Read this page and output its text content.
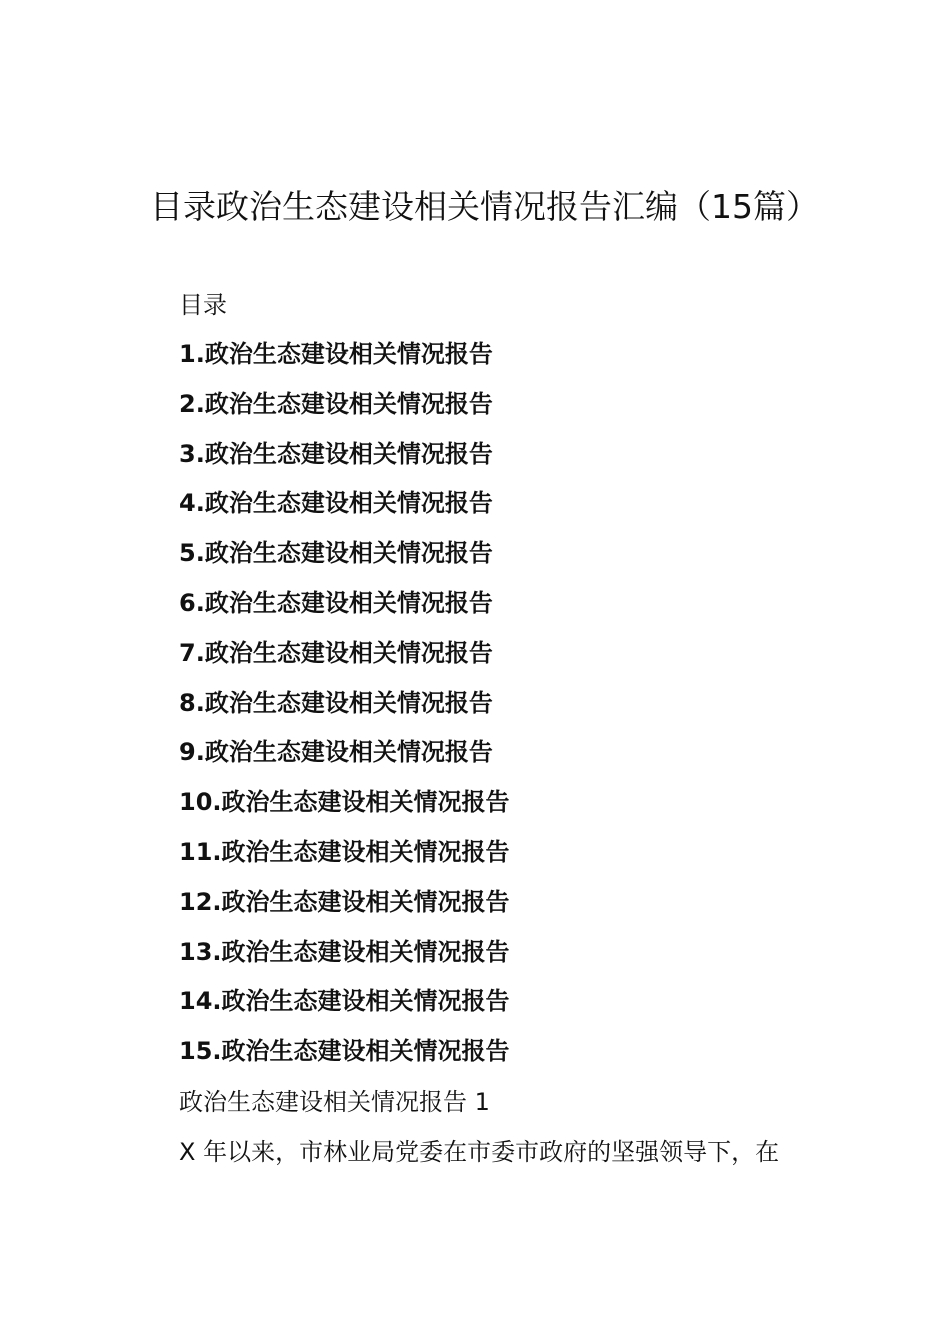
目录政治生态建设相关情况报告汇编（15篇）

目录

1.政治生态建设相关情况报告
2.政治生态建设相关情况报告
3.政治生态建设相关情况报告
4.政治生态建设相关情况报告
5.政治生态建设相关情况报告
6.政治生态建设相关情况报告
7.政治生态建设相关情况报告
8.政治生态建设相关情况报告
9.政治生态建设相关情况报告
10.政治生态建设相关情况报告
11.政治生态建设相关情况报告
12.政治生态建设相关情况报告
13.政治生态建设相关情况报告
14.政治生态建设相关情况报告
15.政治生态建设相关情况报告

政治生态建设相关情况报告 1

X 年以来，市林业局党委在市委市政府的坚强领导下，在
